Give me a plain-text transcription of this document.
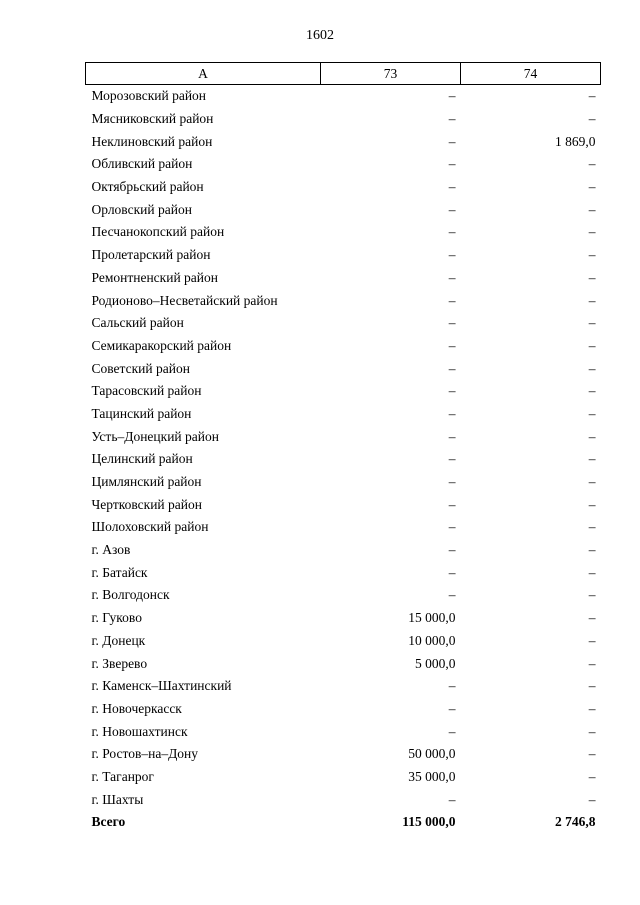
1602
А	73	74
Морозовский район	–	–
Мясниковский район	–	–
Неклиновский район	–	1 869,0
Обливский район	–	–
Октябрьский район	–	–
Орловский район	–	–
Песчанокопский район	–	–
Пролетарский район	–	–
Ремонтненский район	–	–
Родионово–Несветайский район	–	–
Сальский район	–	–
Семикаракорский район	–	–
Советский район	–	–
Тарасовский район	–	–
Тацинский район	–	–
Усть–Донецкий район	–	–
Целинский район	–	–
Цимлянский район	–	–
Чертковский район	–	–
Шолоховский район	–	–
г. Азов	–	–
г. Батайск	–	–
г. Волгодонск	–	–
г. Гуково	15 000,0	–
г. Донецк	10 000,0	–
г. Зверево	5 000,0	–
г. Каменск–Шахтинский	–	–
г. Новочеркасск	–	–
г. Новошахтинск	–	–
г. Ростов–на–Дону	50 000,0	–
г. Таганрог	35 000,0	–
г. Шахты	–	–
Всего	115 000,0	2 746,8
